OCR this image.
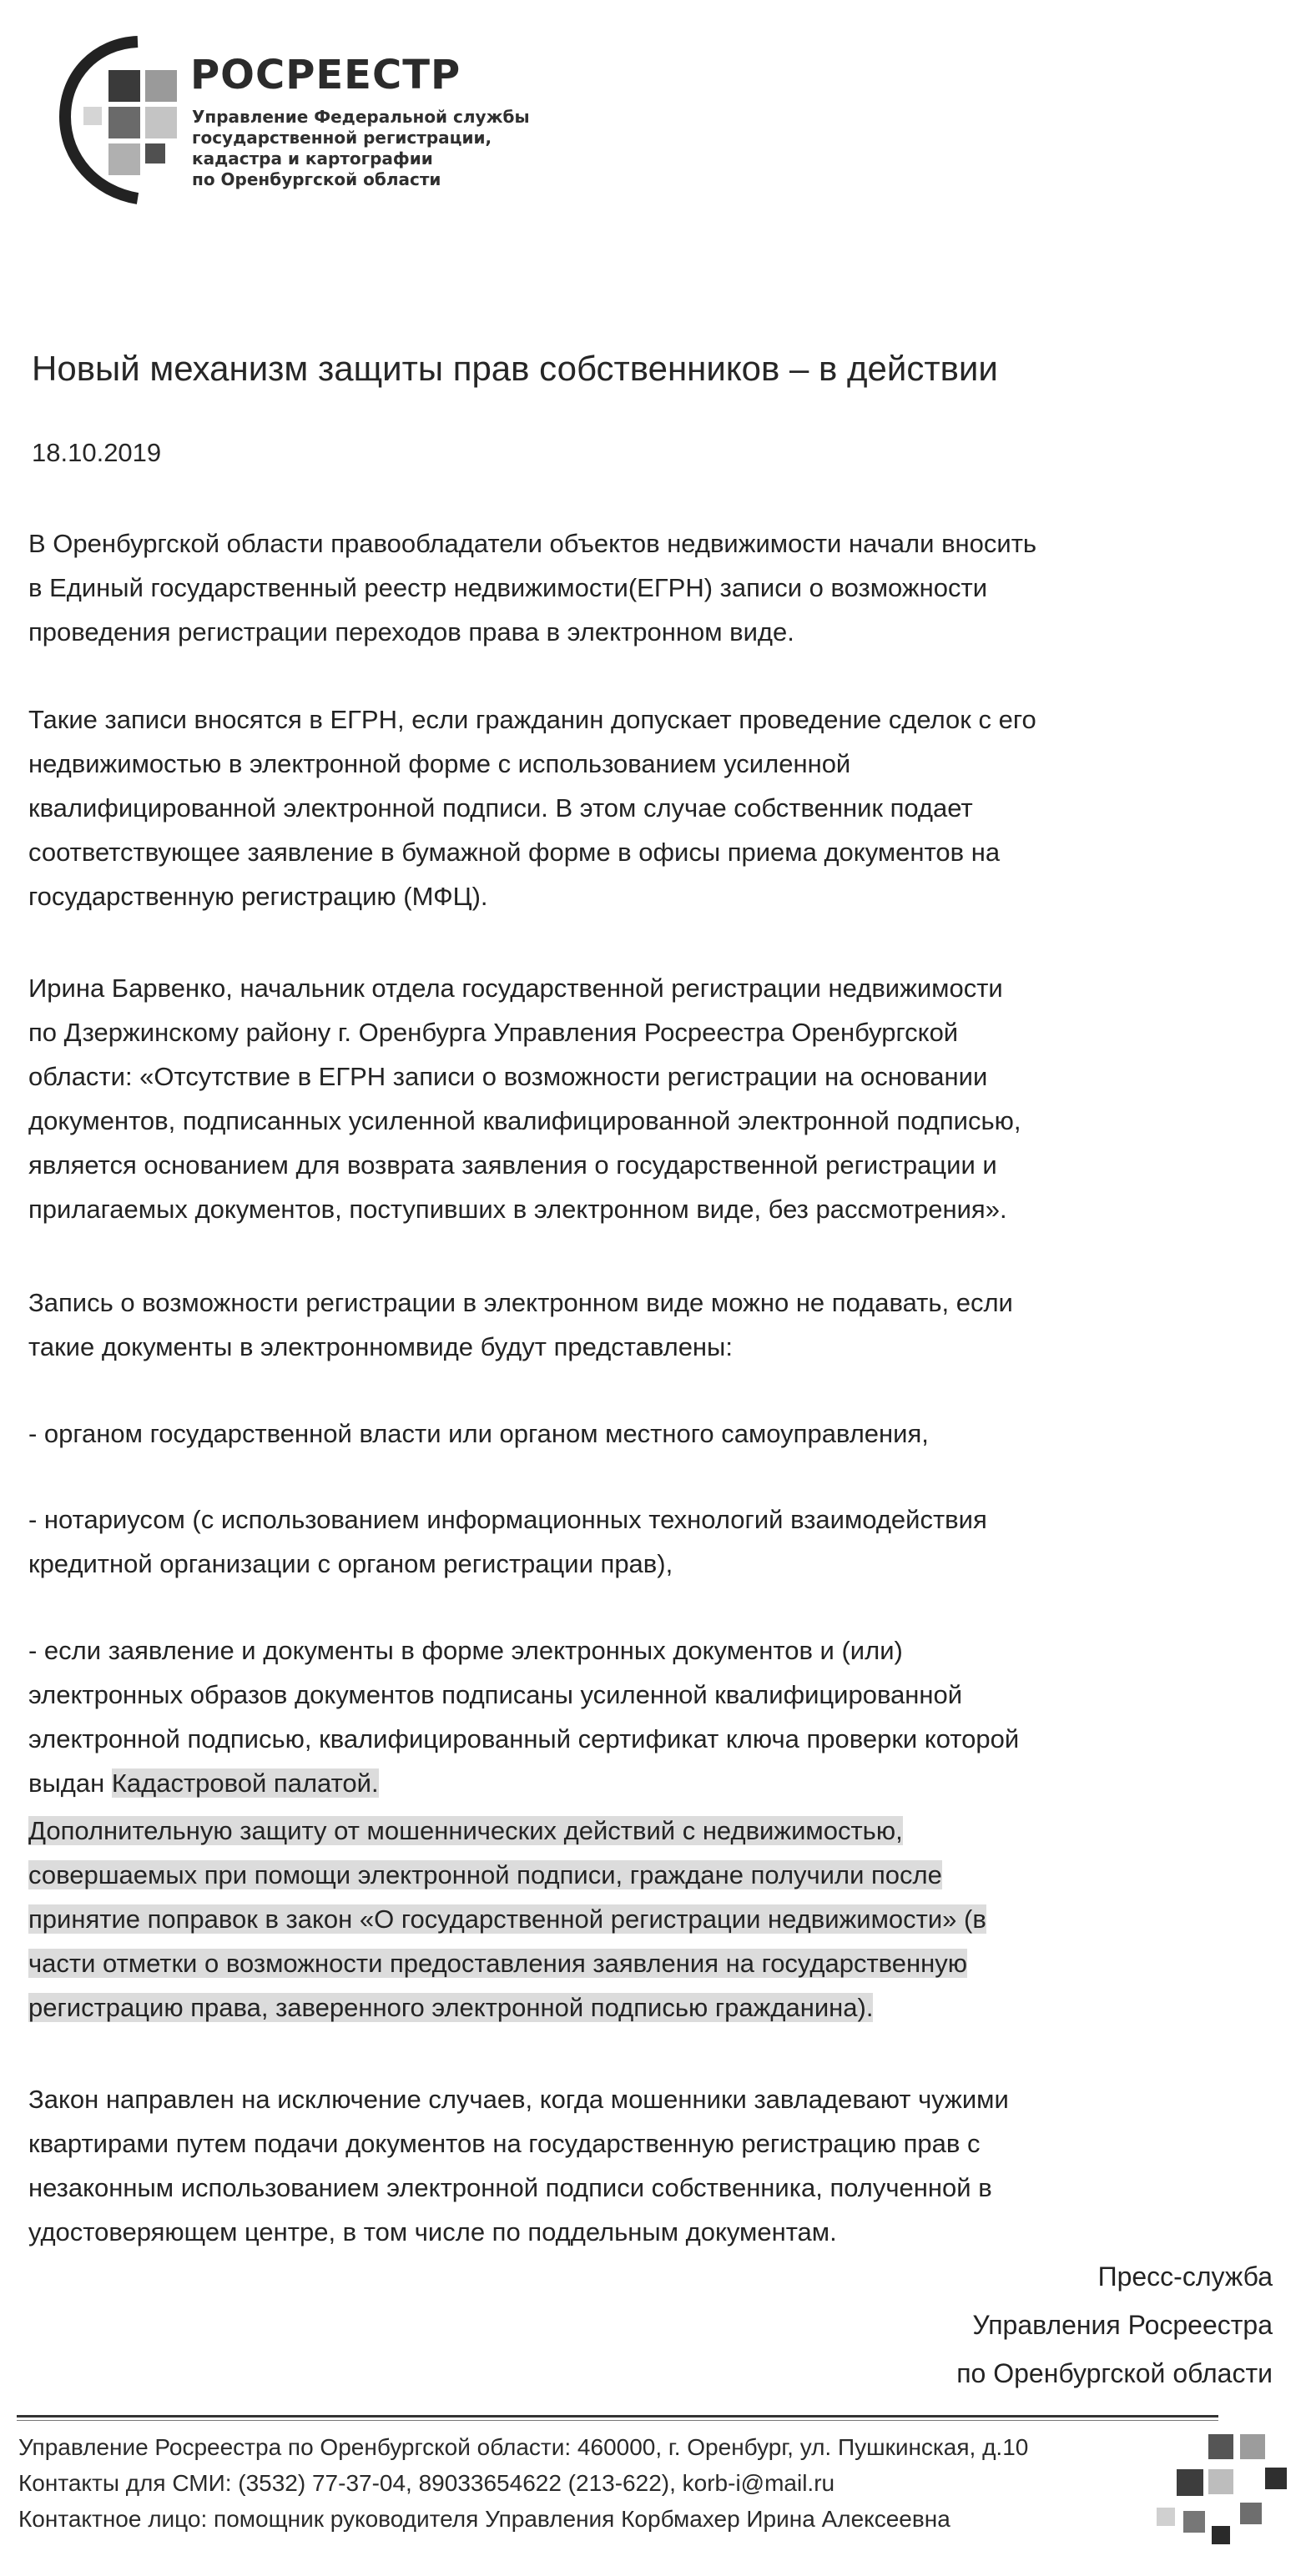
РОСРЕЕСТР
Управление Федеральной службы
государственной регистрации,
кадастра и картографии
по Оренбургской области
Новый механизм защиты прав собственников – в действии
18.10.2019
В Оренбургской области правообладатели объектов недвижимости начали вносить
в Единый государственный реестр недвижимости(ЕГРН) записи о возможности
проведения регистрации переходов права в электронном виде.
Такие записи вносятся в ЕГРН, если гражданин допускает проведение сделок с его
недвижимостью в электронной форме с использованием усиленной
квалифицированной электронной подписи. В этом случае собственник подает
соответствующее заявление в бумажной форме в офисы приема документов на
государственную регистрацию (МФЦ).
Ирина Барвенко, начальник отдела государственной регистрации недвижимости
по Дзержинскому району г. Оренбурга Управления Росреестра Оренбургской
области: «Отсутствие в ЕГРН записи о возможности регистрации на основании
документов, подписанных усиленной квалифицированной электронной подписью,
является основанием для возврата заявления о государственной регистрации и
прилагаемых документов, поступивших в электронном виде, без рассмотрения».
Запись о возможности регистрации в электронном виде можно не подавать, если
такие документы в электронномвиде будут представлены:
- органом государственной власти или органом местного самоуправления,
- нотариусом (с использованием информационных технологий взаимодействия
кредитной организации с органом регистрации прав),
- если заявление и документы в форме электронных документов и (или)
электронных образов документов подписаны усиленной квалифицированной
электронной подписью, квалифицированный сертификат ключа проверки которой
выдан Кадастровой палатой.
Дополнительную защиту от мошеннических действий с недвижимостью,
совершаемых при помощи электронной подписи, граждане получили после
принятие поправок в закон «О государственной регистрации недвижимости» (в
части отметки о возможности предоставления заявления на государственную
регистрацию права, заверенного электронной подписью гражданина).
Закон направлен на исключение случаев, когда мошенники завладевают чужими
квартирами путем подачи документов на государственную регистрацию прав с
незаконным использованием электронной подписи собственника, полученной в
удостоверяющем центре, в том числе по поддельным документам.
Пресс-служба
Управления Росреестра
по Оренбургской области
Управление Росреестра по Оренбургской области: 460000, г. Оренбург, ул. Пушкинская, д.10
Контакты для СМИ: (3532) 77-37-04, 89033654622 (213-622), korb-i@mail.ru
Контактное лицо: помощник руководителя Управления Корбмахер Ирина Алексеевна
